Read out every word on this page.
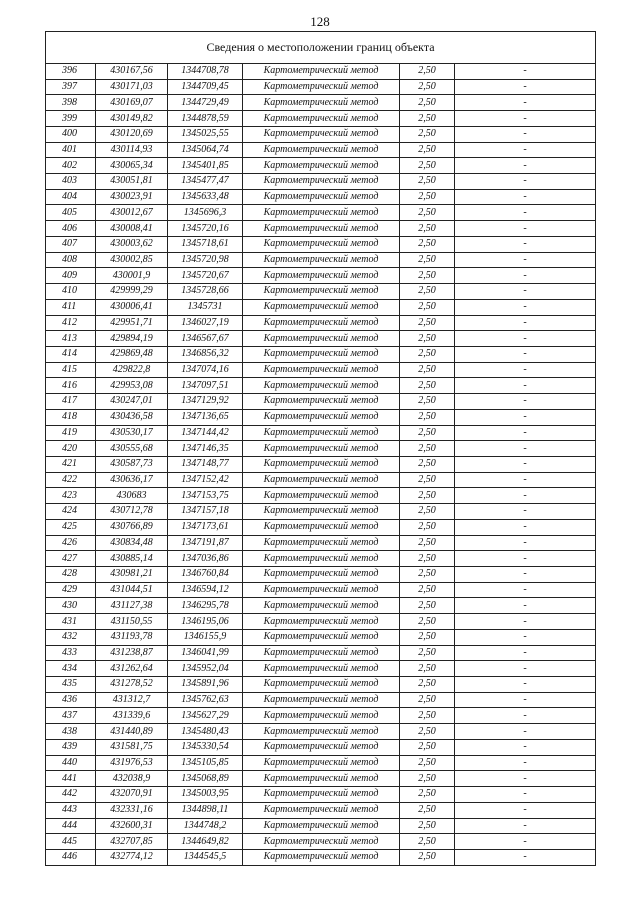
128
Сведения о местоположении границ объекта					
396	430167,56	1344708,78	Картометрический метод	2,50	-
397	430171,03	1344709,45	Картометрический метод	2,50	-
398	430169,07	1344729,49	Картометрический метод	2,50	-
399	430149,82	1344878,59	Картометрический метод	2,50	-
400	430120,69	1345025,55	Картометрический метод	2,50	-
401	430114,93	1345064,74	Картометрический метод	2,50	-
402	430065,34	1345401,85	Картометрический метод	2,50	-
403	430051,81	1345477,47	Картометрический метод	2,50	-
404	430023,91	1345633,48	Картометрический метод	2,50	-
405	430012,67	1345696,3	Картометрический метод	2,50	-
406	430008,41	1345720,16	Картометрический метод	2,50	-
407	430003,62	1345718,61	Картометрический метод	2,50	-
408	430002,85	1345720,98	Картометрический метод	2,50	-
409	430001,9	1345720,67	Картометрический метод	2,50	-
410	429999,29	1345728,66	Картометрический метод	2,50	-
411	430006,41	1345731	Картометрический метод	2,50	-
412	429951,71	1346027,19	Картометрический метод	2,50	-
413	429894,19	1346567,67	Картометрический метод	2,50	-
414	429869,48	1346856,32	Картометрический метод	2,50	-
415	429822,8	1347074,16	Картометрический метод	2,50	-
416	429953,08	1347097,51	Картометрический метод	2,50	-
417	430247,01	1347129,92	Картометрический метод	2,50	-
418	430436,58	1347136,65	Картометрический метод	2,50	-
419	430530,17	1347144,42	Картометрический метод	2,50	-
420	430555,68	1347146,35	Картометрический метод	2,50	-
421	430587,73	1347148,77	Картометрический метод	2,50	-
422	430636,17	1347152,42	Картометрический метод	2,50	-
423	430683	1347153,75	Картометрический метод	2,50	-
424	430712,78	1347157,18	Картометрический метод	2,50	-
425	430766,89	1347173,61	Картометрический метод	2,50	-
426	430834,48	1347191,87	Картометрический метод	2,50	-
427	430885,14	1347036,86	Картометрический метод	2,50	-
428	430981,21	1346760,84	Картометрический метод	2,50	-
429	431044,51	1346594,12	Картометрический метод	2,50	-
430	431127,38	1346295,78	Картометрический метод	2,50	-
431	431150,55	1346195,06	Картометрический метод	2,50	-
432	431193,78	1346155,9	Картометрический метод	2,50	-
433	431238,87	1346041,99	Картометрический метод	2,50	-
434	431262,64	1345952,04	Картометрический метод	2,50	-
435	431278,52	1345891,96	Картометрический метод	2,50	-
436	431312,7	1345762,63	Картометрический метод	2,50	-
437	431339,6	1345627,29	Картометрический метод	2,50	-
438	431440,89	1345480,43	Картометрический метод	2,50	-
439	431581,75	1345330,54	Картометрический метод	2,50	-
440	431976,53	1345105,85	Картометрический метод	2,50	-
441	432038,9	1345068,89	Картометрический метод	2,50	-
442	432070,91	1345003,95	Картометрический метод	2,50	-
443	432331,16	1344898,11	Картометрический метод	2,50	-
444	432600,31	1344748,2	Картометрический метод	2,50	-
445	432707,85	1344649,82	Картометрический метод	2,50	-
446	432774,12	1344545,5	Картометрический метод	2,50	-
